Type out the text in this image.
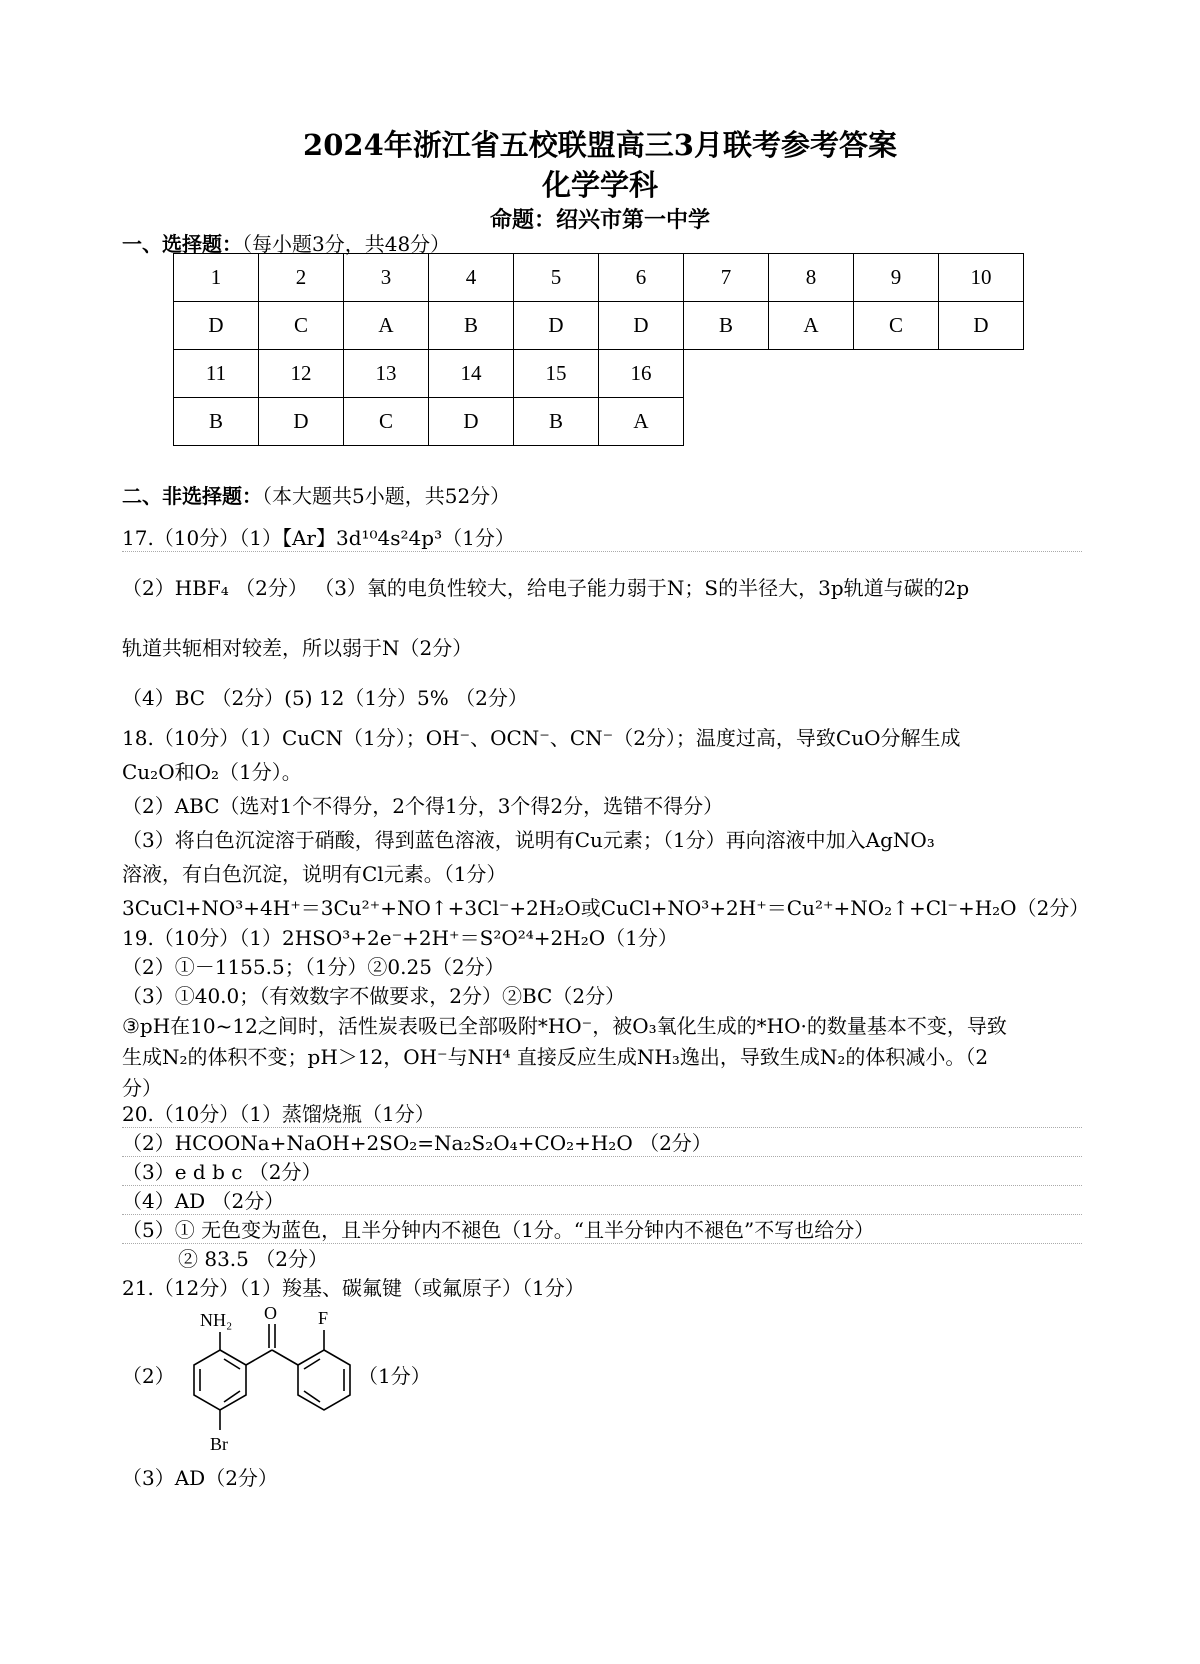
2024年浙江省五校联盟高三3月联考参考答案
化学学科
命题：绍兴市第一中学
一、选择题：（每小题3分，共48分）
1	2	3	4	5	6	7	8	9	10
D	C	A	B	D	D	B	A	C	D
11	12	13	14	15	16
B	D	C	D	B	A
二、非选择题：（本大题共5小题，共52分）
17.（10分）（1）【Ar】3d¹⁰4s²4p³（1分）
（2）HBF₄ （2分） （3）氧的电负性较大，给电子能力弱于N；S的半径大，3p轨道与碳的2p
轨道共轭相对较差，所以弱于N（2分）
（4）BC （2分）(5) 12（1分）5% （2分）
18.（10分）（1）CuCN（1分）；OH⁻、OCN⁻、CN⁻（2分）；温度过高，导致CuO分解生成
Cu₂O和O₂（1分）。
（2）ABC（选对1个不得分，2个得1分，3个得2分，选错不得分）
（3）将白色沉淀溶于硝酸，得到蓝色溶液，说明有Cu元素；（1分）再向溶液中加入AgNO₃
溶液，有白色沉淀，说明有Cl元素。（1分）
3CuCl+NO³+4H⁺＝3Cu²⁺+NO↑+3Cl⁻+2H₂O或CuCl+NO³+2H⁺＝Cu²⁺+NO₂↑+Cl⁻+H₂O（2分）
19.（10分）（1）2HSO³+2e⁻+2H⁺＝S²O²⁴+2H₂O（1分）
（2）①－1155.5；（1分）②0.25（2分）
（3）①40.0；（有效数字不做要求，2分）②BC（2分）
③pH在10~12之间时，活性炭表吸已全部吸附*HO⁻，被O₃氧化生成的*HO·的数量基本不变，导致
生成N₂的体积不变；pH＞12，OH⁻与NH⁴ 直接反应生成NH₃逸出，导致生成N₂的体积减小。（2
分）
20.（10分）（1）蒸馏烧瓶（1分）
（2）HCOONa+NaOH+2SO₂=Na₂S₂O₄+CO₂+H₂O （2分）
（3）e d b c （2分）
（4）AD （2分）
（5）① 无色变为蓝色，且半分钟内不褪色（1分。“且半分钟内不褪色”不写也给分）
② 83.5 （2分）
21.（12分）（1）羧基、碳氟键（或氟原子）（1分）
（2）
NH₂ O F
Br
（1分）
（3）AD（2分）
